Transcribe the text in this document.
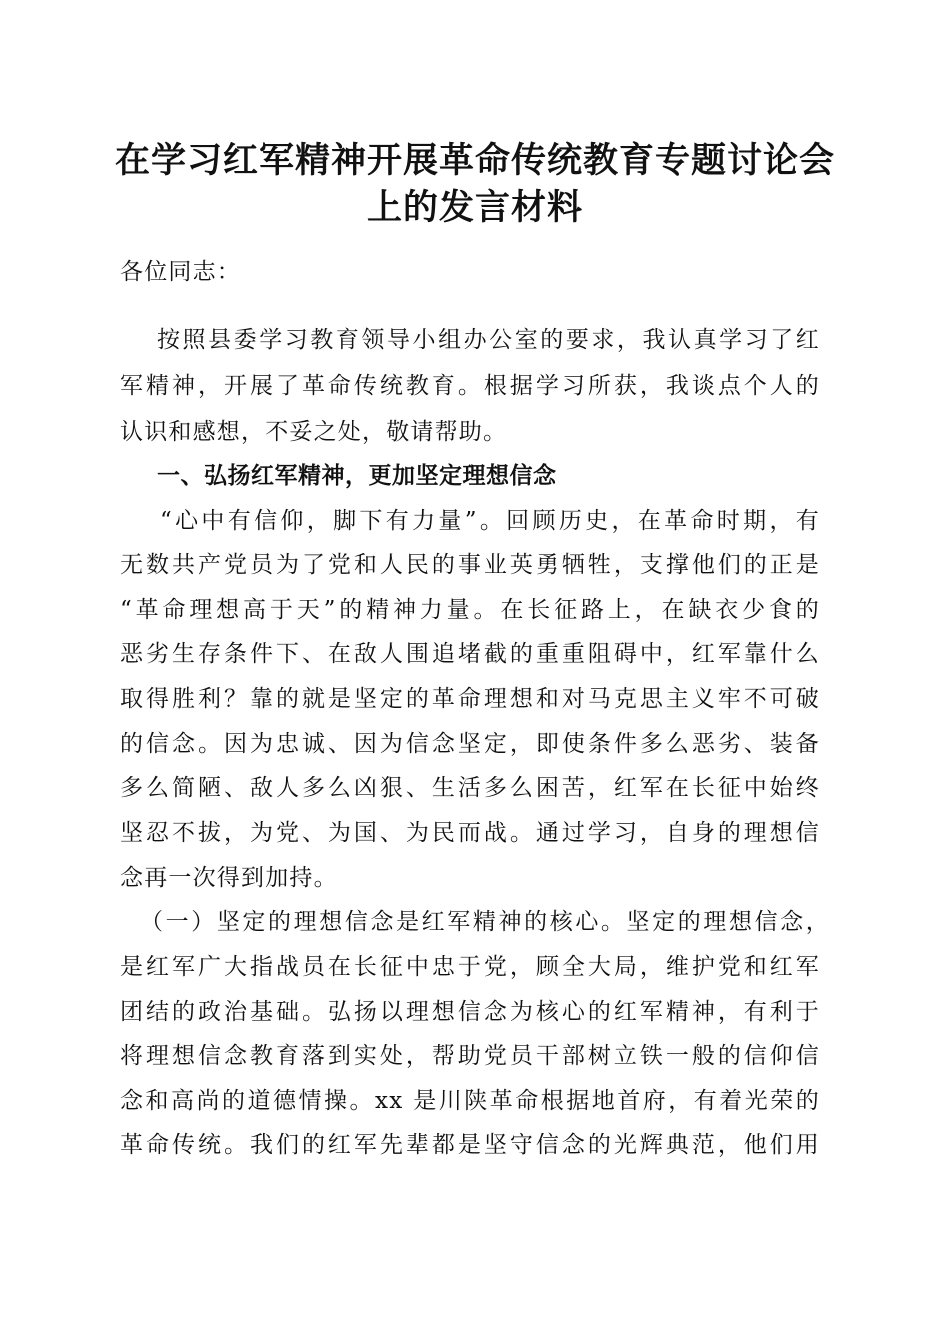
在学习红军精神开展革命传统教育专题讨论会
上的发言材料
各位同志：
按照县委学习教育领导小组办公室的要求，我认真学习了红
军精神，开展了革命传统教育。根据学习所获，我谈点个人的
认识和感想，不妥之处，敬请帮助。
一、弘扬红军精神，更加坚定理想信念
“心中有信仰，脚下有力量”。回顾历史，在革命时期，有
无数共产党员为了党和人民的事业英勇牺牲，支撑他们的正是
“革命理想高于天”的精神力量。在长征路上，在缺衣少食的
恶劣生存条件下、在敌人围追堵截的重重阻碍中，红军靠什么
取得胜利？靠的就是坚定的革命理想和对马克思主义牢不可破
的信念。因为忠诚、因为信念坚定，即使条件多么恶劣、装备
多么简陋、敌人多么凶狠、生活多么困苦，红军在长征中始终
坚忍不拔，为党、为国、为民而战。通过学习，自身的理想信
念再一次得到加持。
（一）坚定的理想信念是红军精神的核心。坚定的理想信念，
是红军广大指战员在长征中忠于党，顾全大局，维护党和红军
团结的政治基础。弘扬以理想信念为核心的红军精神，有利于
将理想信念教育落到实处，帮助党员干部树立铁一般的信仰信
念和高尚的道德情操。xx 是川陕革命根据地首府，有着光荣的
革命传统。我们的红军先辈都是坚守信念的光辉典范，他们用
